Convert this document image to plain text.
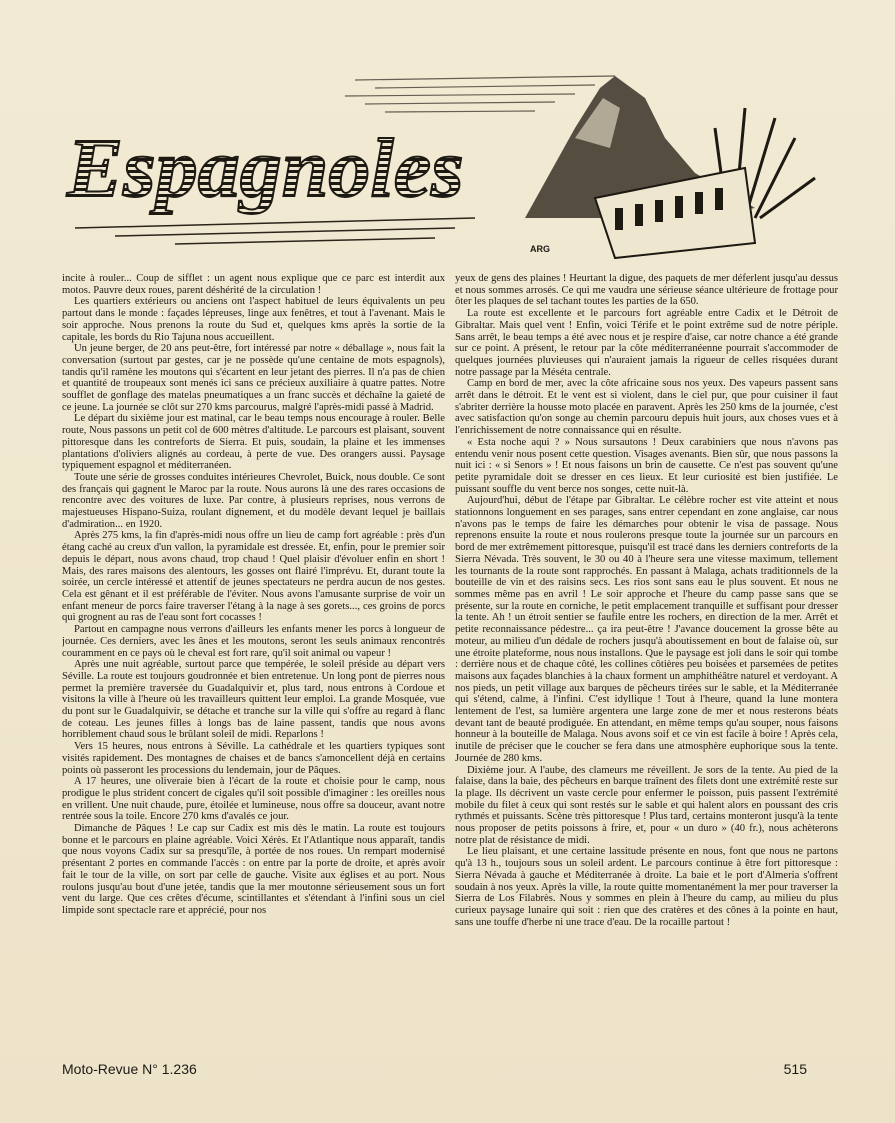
Espagnoles
ARG

incite à rouler... Coup de sifflet : un agent nous explique que ce parc est interdit aux motos. Pauvre deux roues, parent déshérité de la circulation !

Les quartiers extérieurs ou anciens ont l'aspect habituel de leurs équivalents un peu partout dans le monde : façades lépreuses, linge aux fenêtres, et tout à l'avenant. Mais le soir approche. Nous prenons la route du Sud et, quelques kms après la sortie de la capitale, les bords du Rio Tajuna nous accueillent.

Un jeune berger, de 20 ans peut-être, fort intéressé par notre « déballage », nous fait la conversation (surtout par gestes, car je ne possède qu'une centaine de mots espagnols), tandis qu'il ramène les moutons qui s'écartent en leur jetant des pierres. Il n'a pas de chien et quantité de troupeaux sont menés ici sans ce précieux auxiliaire à quatre pattes. Notre soufflet de gonflage des matelas pneumatiques a un franc succès et déchaîne la gaieté de ce jeune. La journée se clôt sur 270 kms parcourus, malgré l'après-midi passé à Madrid.

Le départ du sixième jour est matinal, car le beau temps nous encourage à rouler. Belle route, Nous passons un petit col de 600 mètres d'altitude. Le parcours est plaisant, souvent pittoresque dans les contreforts de Sierra. Et puis, soudain, la plaine et les immenses plantations d'oliviers alignés au cordeau, à perte de vue. Des orangers aussi. Paysage typiquement espagnol et méditerranéen.

Toute une série de grosses conduites intérieures Chevrolet, Buick, nous double. Ce sont des français qui gagnent le Maroc par la route. Nous aurons là une des rares occasions de rencontre avec des voitures de luxe. Par contre, à plusieurs reprises, nous verrons de majestueuses Hispano-Suiza, roulant dignement, et du modèle devant lequel je baillais d'admiration... en 1920.

Après 275 kms, la fin d'après-midi nous offre un lieu de camp fort agréable : près d'un étang caché au creux d'un vallon, la pyramidale est dressée. Et, enfin, pour le premier soir depuis le départ, nous avons chaud, trop chaud ! Quel plaisir d'évoluer enfin en short ! Mais, des rares maisons des alentours, les gosses ont flairé l'imprévu. Et, durant toute la soirée, un cercle intéressé et attentif de jeunes spectateurs ne perdra aucun de nos gestes. Cela est gênant et il est préférable de l'éviter. Nous avons l'amusante surprise de voir un enfant meneur de porcs faire traverser l'étang à la nage à ses gorets..., ces groins de porcs qui grognent au ras de l'eau sont fort cocasses !

Partout en campagne nous verrons d'ailleurs les enfants mener les porcs à longueur de journée. Ces derniers, avec les ânes et les moutons, seront les seuls animaux rencontrés couramment en ce pays où le cheval est fort rare, qu'il soit animal ou vapeur !

Après une nuit agréable, surtout parce que tempérée, le soleil préside au départ vers Séville. La route est toujours goudronnée et bien entretenue. Un long pont de pierres nous permet la première traversée du Guadalquivir et, plus tard, nous entrons à Cordoue et visitons la ville à l'heure où les travailleurs quittent leur emploi. La grande Mosquée, vue du pont sur le Guadalquivir, se détache et tranche sur la ville qui s'offre au regard à flanc de coteau. Les jeunes filles à longs bas de laine passent, tandis que nous avons horriblement chaud sous le brûlant soleil de midi. Reparlons !

Vers 15 heures, nous entrons à Séville. La cathédrale et les quartiers typiques sont visités rapidement. Des montagnes de chaises et de bancs s'amoncellent déjà en certains points où passeront les processions du lendemain, jour de Pâques.

A 17 heures, une oliveraie bien à l'écart de la route et choisie pour le camp, nous prodigue le plus strident concert de cigales qu'il soit possible d'imaginer : les oreilles nous en vrillent. Une nuit chaude, pure, étoilée et lumineuse, nous offre sa douceur, avant notre rentrée sous la toile. Encore 270 kms d'avalés ce jour.

Dimanche de Pâques ! Le cap sur Cadix est mis dès le matin. La route est toujours bonne et le parcours en plaine agréable. Voici Xérès. Et l'Atlantique nous apparaît, tandis que nous voyons Cadix sur sa presqu'île, à portée de nos roues. Un rempart modernisé présentant 2 portes en commande l'accès : on entre par la porte de droite, et après avoir fait le tour de la ville, on sort par celle de gauche. Visite aux églises et au port. Nous roulons jusqu'au bout d'une jetée, tandis que la mer moutonne sérieusement sous un fort vent du large. Que ces crêtes d'écume, scintillantes et s'étendant à l'infini sous un ciel limpide sont spectacle rare et apprécié, pour nos

yeux de gens des plaines ! Heurtant la digue, des paquets de mer déferlent jusqu'au dessus et nous sommes arrosés. Ce qui me vaudra une sérieuse séance ultérieure de frottage pour ôter les plaques de sel tachant toutes les parties de la 650.

La route est excellente et le parcours fort agréable entre Cadix et le Détroit de Gibraltar. Mais quel vent ! Enfin, voici Térife et le point extrême sud de notre périple. Sans arrêt, le beau temps a été avec nous et je respire d'aise, car notre chance a été grande sur ce point. A présent, le retour par la côte méditerranéenne pourrait s'accommoder de quelques journées pluvieuses qui n'auraient jamais la rigueur de celles risquées durant notre passage par la Méséta centrale.

Camp en bord de mer, avec la côte africaine sous nos yeux. Des vapeurs passent sans arrêt dans le détroit. Et le vent est si violent, dans le ciel pur, que pour cuisiner il faut s'abriter derrière la housse moto placée en paravent. Après les 250 kms de la journée, c'est avec satisfaction qu'on songe au chemin parcouru depuis huit jours, aux choses vues et à l'enrichissement de notre connaissance qui en résulte.

« Esta noche aqui ? » Nous sursautons ! Deux carabiniers que nous n'avons pas entendu venir nous posent cette question. Visages avenants. Bien sûr, que nous passons la nuit ici : « si Senors » ! Et nous faisons un brin de causette. Ce n'est pas souvent qu'une petite pyramidale doit se dresser en ces lieux. Et leur curiosité est bien justifiée. Le puissant souffle du vent berce nos songes, cette nuit-là.

Aujourd'hui, début de l'étape par Gibraltar. Le célèbre rocher est vite atteint et nous stationnons longuement en ses parages, sans entrer cependant en zone anglaise, car nous n'avons pas le temps de faire les démarches pour obtenir le visa de passage. Nous reprenons ensuite la route et nous roulerons presque toute la journée sur un parcours en bord de mer extrêmement pittoresque, puisqu'il est tracé dans les derniers contreforts de la Sierra Névada. Très souvent, le 30 ou 40 à l'heure sera une vitesse maximum, tellement les tournants de la route sont rapprochés. En passant à Malaga, achats traditionnels de la bouteille de vin et des raisins secs. Les rios sont sans eau le plus souvent. Et nous ne sommes même pas en avril ! Le soir approche et l'heure du camp passe sans que se présente, sur la route en corniche, le petit emplacement tranquille et suffisant pour dresser la tente. Ah ! un étroit sentier se faufile entre les rochers, en direction de la mer. Arrêt et petite reconnaissance pédestre... ça ira peut-être ! J'avance doucement la grosse bête au moteur, au milieu d'un dédale de rochers jusqu'à aboutissement en bout de falaise où, sur une étroite plateforme, nous nous installons. Que le paysage est joli dans le soir qui tombe : derrière nous et de chaque côté, les collines côtières peu boisées et parsemées de petites maisons aux façades blanchies à la chaux forment un amphithéâtre naturel et verdoyant. A nos pieds, un petit village aux barques de pêcheurs tirées sur le sable, et la Méditerranée qui s'étend, calme, à l'infini. C'est idyllique ! Tout à l'heure, quand la lune montera lentement de l'est, sa lumière argentera une large zone de mer et nous resterons béats devant tant de beauté prodiguée. En attendant, en même temps qu'au souper, nous faisons honneur à la bouteille de Malaga. Nous avons soif et ce vin est facile à boire ! Après cela, inutile de préciser que le coucher se fera dans une atmosphère euphorique sous la tente. Journée de 280 kms.

Dixième jour. A l'aube, des clameurs me réveillent. Je sors de la tente. Au pied de la falaise, dans la baie, des pêcheurs en barque traînent des filets dont une extrémité reste sur la plage. Ils décrivent un vaste cercle pour enfermer le poisson, puis passent l'extrémité mobile du filet à ceux qui sont restés sur le sable et qui halent alors en poussant des cris rythmés et puissants. Scène très pittoresque ! Plus tard, certains monteront jusqu'à la tente nous proposer de petits poissons à frire, et, pour « un duro » (40 fr.), nous achèterons notre plat de résistance de midi.

Le lieu plaisant, et une certaine lassitude présente en nous, font que nous ne partons qu'à 13 h., toujours sous un soleil ardent. Le parcours continue à être fort pittoresque : Sierra Névada à gauche et Méditerranée à droite. La baie et le port d'Almeria s'offrent soudain à nos yeux. Après la ville, la route quitte momentanément la mer pour traverser la Sierra de Los Filabrès. Nous y sommes en plein à l'heure du camp, au milieu du plus curieux paysage lunaire qui soit : rien que des cratères et des cônes à la pointe en haut, sans une touffe d'herbe ni une trace d'eau. De la rocaille partout !

Moto-Revue N° 1.236	515
